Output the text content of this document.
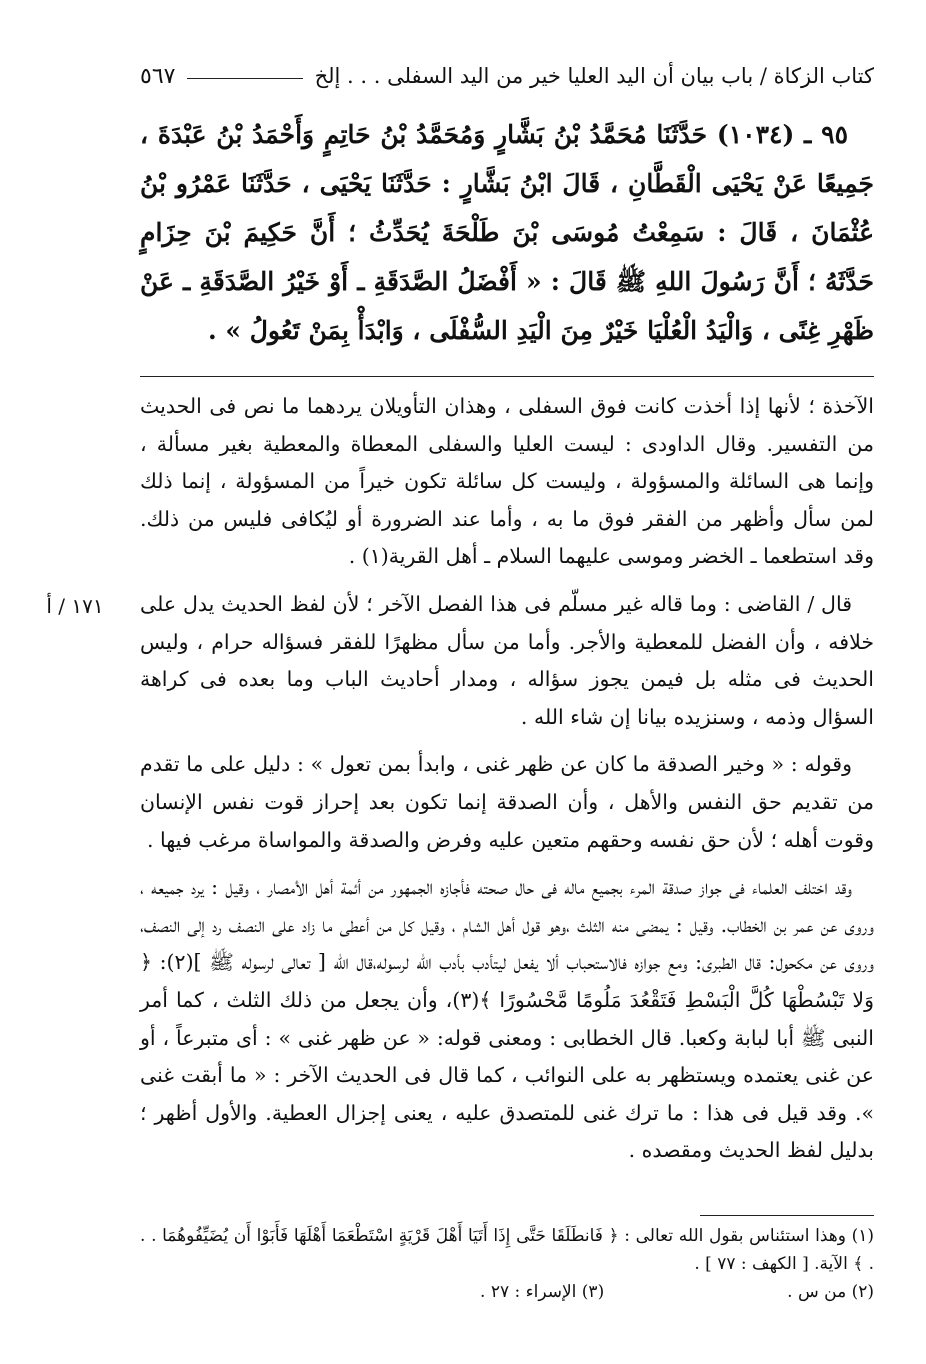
كتاب الزكاة / باب بيان أن اليد العليا خير من اليد السفلى . . . إلخ
٥٦٧

٩٥ ـ (١٠٣٤) حَدَّثَنَا مُحَمَّدُ بْنُ بَشَّارٍ وَمُحَمَّدُ بْنُ حَاتِمٍ وَأَحْمَدُ بْنُ عَبْدَةَ ، جَمِيعًا عَنْ يَحْيَى الْقَطَّانِ ، قَالَ ابْنُ بَشَّارٍ : حَدَّثَنَا يَحْيَى ، حَدَّثَنَا عَمْرُو بْنُ عُثْمَانَ ، قَالَ : سَمِعْتُ مُوسَى بْنَ طَلْحَةَ يُحَدِّثُ ؛ أَنَّ حَكِيمَ بْنَ حِزَامٍ حَدَّثَهُ ؛ أَنَّ رَسُولَ اللهِ ﷺ قَالَ : « أَفْضَلُ الصَّدَقَةِ ـ أَوْ خَيْرُ الصَّدَقَةِ ـ عَنْ ظَهْرِ غِنًى ، وَالْيَدُ الْعُلْيَا خَيْرٌ مِنَ الْيَدِ السُّفْلَى ، وَابْدَأْ بِمَنْ تَعُولُ » .

الآخذة ؛ لأنها إذا أخذت كانت فوق السفلى ، وهذان التأويلان يردهما ما نص فى الحديث من التفسير. وقال الداودى : ليست العليا والسفلى المعطاة والمعطية بغير مسألة ، وإنما هى السائلة والمسؤولة ، وليست كل سائلة تكون خيراً من المسؤولة ، إنما ذلك لمن سأل وأظهر من الفقر فوق ما به ، وأما عند الضرورة أو ليُكافى فليس من ذلك. وقد استطعما ـ الخضر وموسى عليهما السلام ـ أهل القرية(١) .

قال / القاضى : وما قاله غير مسلّم فى هذا الفصل الآخر ؛ لأن لفظ الحديث يدل على خلافه ، وأن الفضل للمعطية والأجر. وأما من سأل مظهرًا للفقر فسؤاله حرام ، وليس الحديث فى مثله بل فيمن يجوز سؤاله ، ومدار أحاديث الباب وما بعده فى كراهة السؤال وذمه ، وسنزيده بيانا إن شاء الله .

وقوله : « وخير الصدقة ما كان عن ظهر غنى ، وابدأ بمن تعول » : دليل على ما تقدم من تقديم حق النفس والأهل ، وأن الصدقة إنما تكون بعد إحراز قوت نفس الإنسان وقوت أهله ؛ لأن حق نفسه وحقهم متعين عليه وفرض والصدقة والمواساة مرغب فيها .

وقد اختلف العلماء فى جواز صدقة المرء بجميع ماله فى حال صحته فأجازه الجمهور من أئمة أهل الأمصار ، وقيل : يرد جميعه ، وروى عن عمر بن الخطاب. وقيل : يمضى منه الثلث ،وهو قول أهل الشام ، وقيل كل من أعطى ما زاد على النصف رد إلى النصف، وروى عن مكحول: قال الطبرى: ومع جوازه فالاستحباب ألا يفعل ليتأدب بأدب الله لرسوله،قال الله [ تعالى لرسوله ﷺ ](٢): ﴿ وَلا تَبْسُطْهَا كُلَّ الْبَسْطِ فَتَقْعُدَ مَلُومًا مَّحْسُورًا ﴾(٣)، وأن يجعل من ذلك الثلث ، كما أمر النبى ﷺ أبا لبابة وكعبا. قال الخطابى : ومعنى قوله: « عن ظهر غنى » : أى متبرعاً ، أو عن غنى يعتمده ويستظهر به على النوائب ، كما قال فى الحديث الآخر : « ما أبقت غنى ». وقد قيل فى هذا : ما ترك غنى للمتصدق عليه ، يعنى إجزال العطية. والأول أظهر ؛ بدليل لفظ الحديث ومقصده .

١٧١ / أ

(١) وهذا استئناس بقول الله تعالى : ﴿ فَانطَلَقَا حَتَّى إِذَا أَتَيَا أَهْلَ قَرْيَةٍ اسْتَطْعَمَا أَهْلَهَا فَأَبَوْا أَن يُضَيِّفُوهُمَا . . . ﴾ الآية. [ الكهف : ٧٧ ] .

(٢) من س .
(٣) الإسراء : ٢٧ .
